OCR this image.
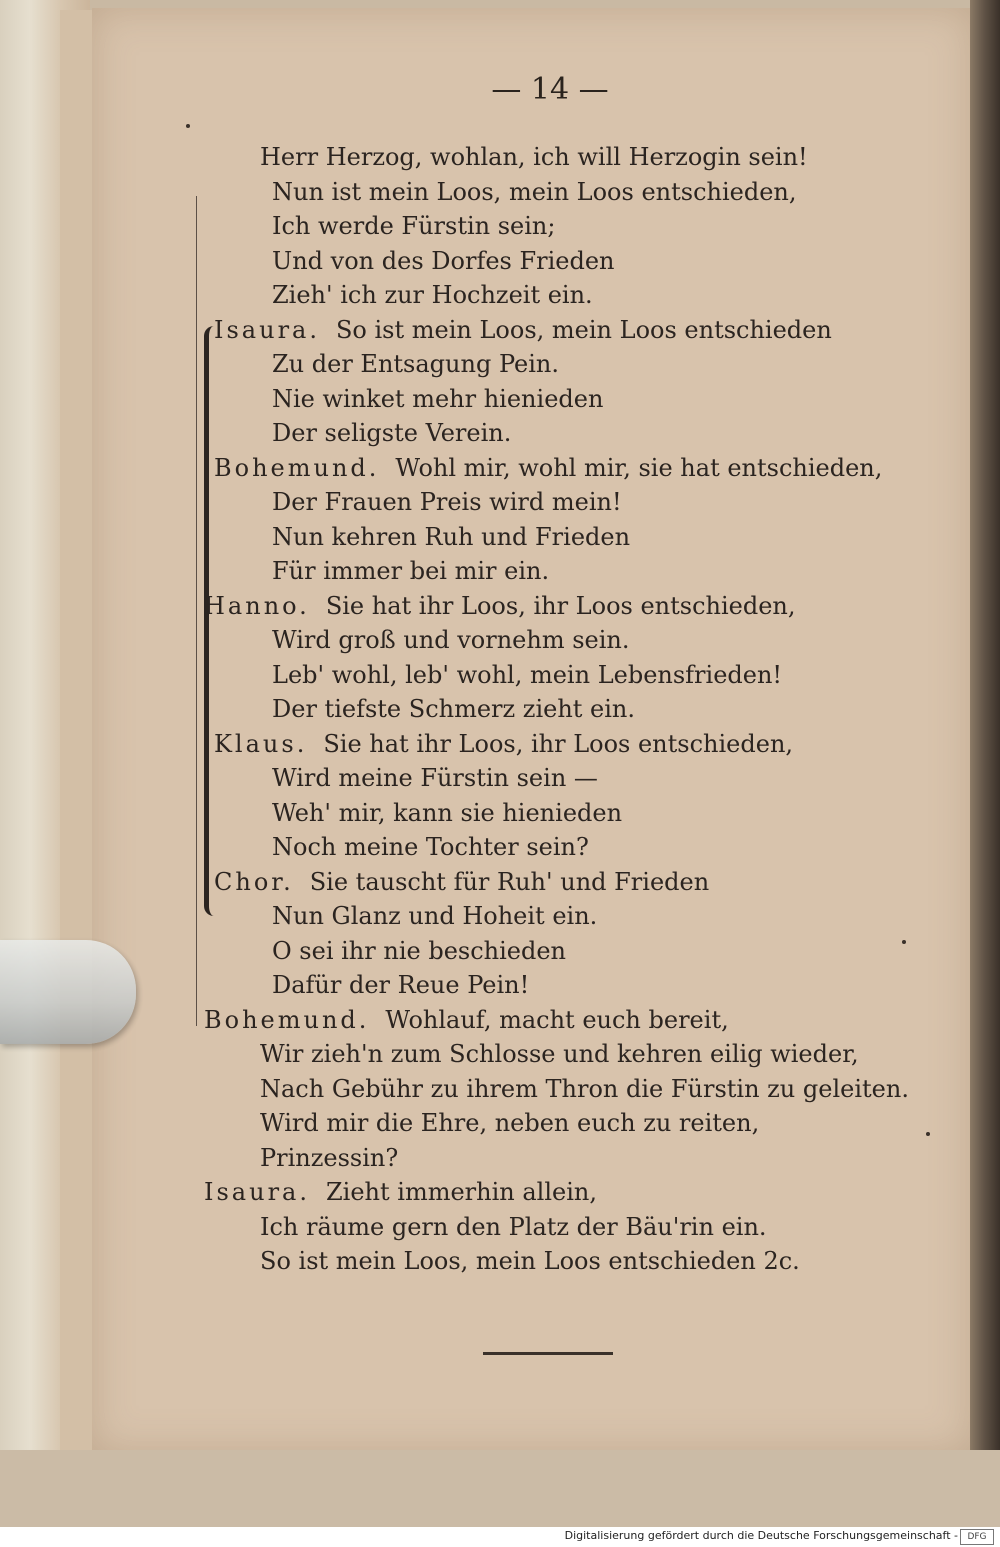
— 14 —
Herr Herzog, wohlan, ich will Herzogin sein!
Nun ist mein Loos, mein Loos entschieden,
Ich werde Fürstin sein;
Und von des Dorfes Frieden
Zieh' ich zur Hochzeit ein.
Isaura. So ist mein Loos, mein Loos entschieden
Zu der Entsagung Pein.
Nie winket mehr hienieden
Der seligste Verein.
Bohemund. Wohl mir, wohl mir, sie hat entschieden,
Der Frauen Preis wird mein!
Nun kehren Ruh und Frieden
Für immer bei mir ein.
Hanno. Sie hat ihr Loos, ihr Loos entschieden,
Wird groß und vornehm sein.
Leb' wohl, leb' wohl, mein Lebensfrieden!
Der tiefste Schmerz zieht ein.
Klaus. Sie hat ihr Loos, ihr Loos entschieden,
Wird meine Fürstin sein —
Weh' mir, kann sie hienieden
Noch meine Tochter sein?
Chor. Sie tauscht für Ruh' und Frieden
Nun Glanz und Hoheit ein.
O sei ihr nie beschieden
Dafür der Reue Pein!
Bohemund. Wohlauf, macht euch bereit,
Wir zieh'n zum Schlosse und kehren eilig wieder,
Nach Gebühr zu ihrem Thron die Fürstin zu geleiten.
Wird mir die Ehre, neben euch zu reiten,
Prinzessin?
Isaura. Zieht immerhin allein,
Ich räume gern den Platz der Bäu'rin ein.
So ist mein Loos, mein Loos entschieden 2c.
Digitalisierung gefördert durch die Deutsche Forschungsgemeinschaft -	DFG
